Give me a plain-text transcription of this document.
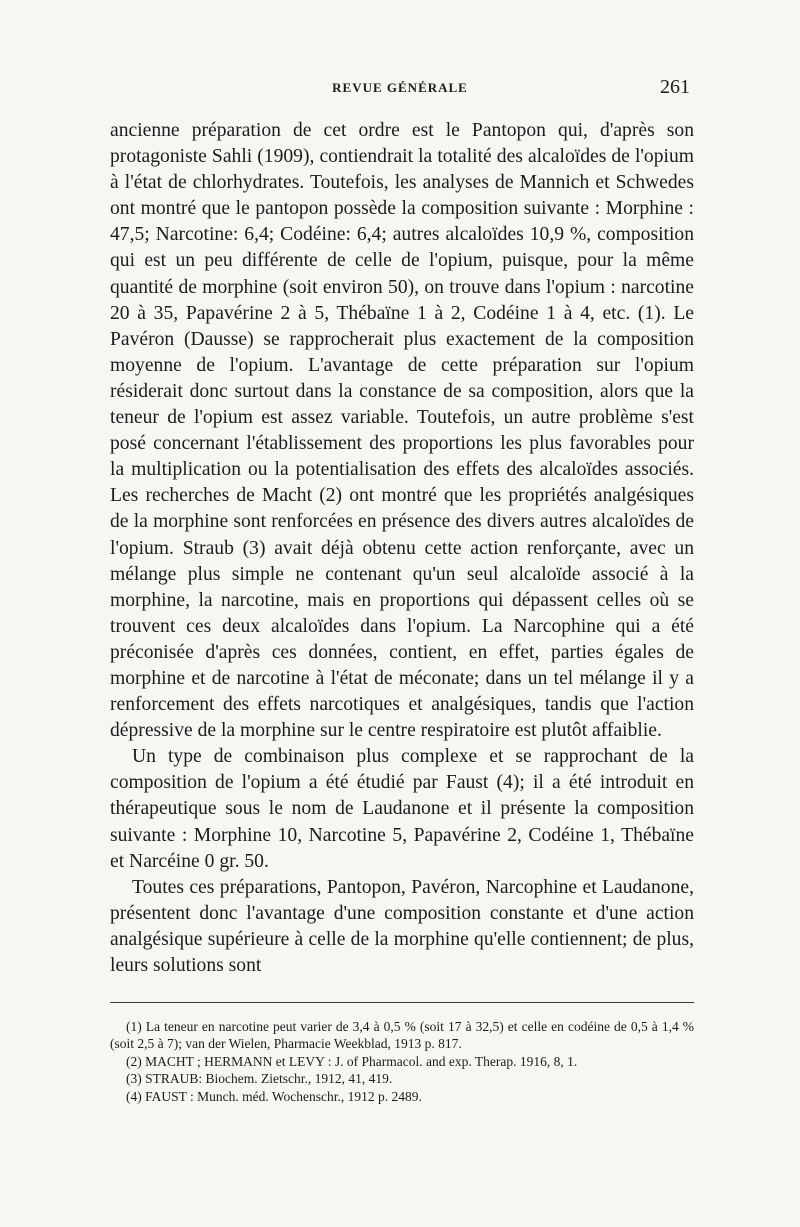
REVUE GÉNÉRALE	261

ancienne préparation de cet ordre est le Pantopon qui, d'après son protagoniste Sahli (1909), contiendrait la totalité des alcaloïdes de l'opium à l'état de chlorhydrates. Toutefois, les analyses de Mannich et Schwedes ont montré que le pantopon possède la composition suivante : Morphine : 47,5; Narcotine: 6,4; Codéine: 6,4; autres alcaloïdes 10,9 %, composition qui est un peu différente de celle de l'opium, puisque, pour la même quantité de morphine (soit environ 50), on trouve dans l'opium : narcotine 20 à 35, Papavérine 2 à 5, Thébaïne 1 à 2, Codéine 1 à 4, etc. (1). Le Pavéron (Dausse) se rapprocherait plus exactement de la composition moyenne de l'opium. L'avantage de cette préparation sur l'opium résiderait donc surtout dans la constance de sa composition, alors que la teneur de l'opium est assez variable. Toutefois, un autre problème s'est posé concernant l'établissement des proportions les plus favorables pour la multiplication ou la potentialisation des effets des alcaloïdes associés. Les recherches de Macht (2) ont montré que les propriétés analgésiques de la morphine sont renforcées en présence des divers autres alcaloïdes de l'opium. Straub (3) avait déjà obtenu cette action renforçante, avec un mélange plus simple ne contenant qu'un seul alcaloïde associé à la morphine, la narcotine, mais en proportions qui dépassent celles où se trouvent ces deux alcaloïdes dans l'opium. La Narcophine qui a été préconisée d'après ces données, contient, en effet, parties égales de morphine et de narcotine à l'état de méconate; dans un tel mélange il y a renforcement des effets narcotiques et analgésiques, tandis que l'action dépressive de la morphine sur le centre respiratoire est plutôt affaiblie.

Un type de combinaison plus complexe et se rapprochant de la composition de l'opium a été étudié par Faust (4); il a été introduit en thérapeutique sous le nom de Laudanone et il présente la composition suivante : Morphine 10, Narcotine 5, Papavérine 2, Codéine 1, Thébaïne et Narcéine 0 gr. 50.

Toutes ces préparations, Pantopon, Pavéron, Narcophine et Laudanone, présentent donc l'avantage d'une composition constante et d'une action analgésique supérieure à celle de la morphine qu'elle contiennent; de plus, leurs solutions sont

(1) La teneur en narcotine peut varier de 3,4 à 0,5 % (soit 17 à 32,5) et celle en codéine de 0,5 à 1,4 % (soit 2,5 à 7); van der Wielen, Pharmacie Weekblad, 1913 p. 817.

(2) MACHT ; HERMANN et LEVY : J. of Pharmacol. and exp. Therap. 1916, 8, 1.

(3) STRAUB: Biochem. Zietschr., 1912, 41, 419.

(4) FAUST : Munch. méd. Wochenschr., 1912 p. 2489.
